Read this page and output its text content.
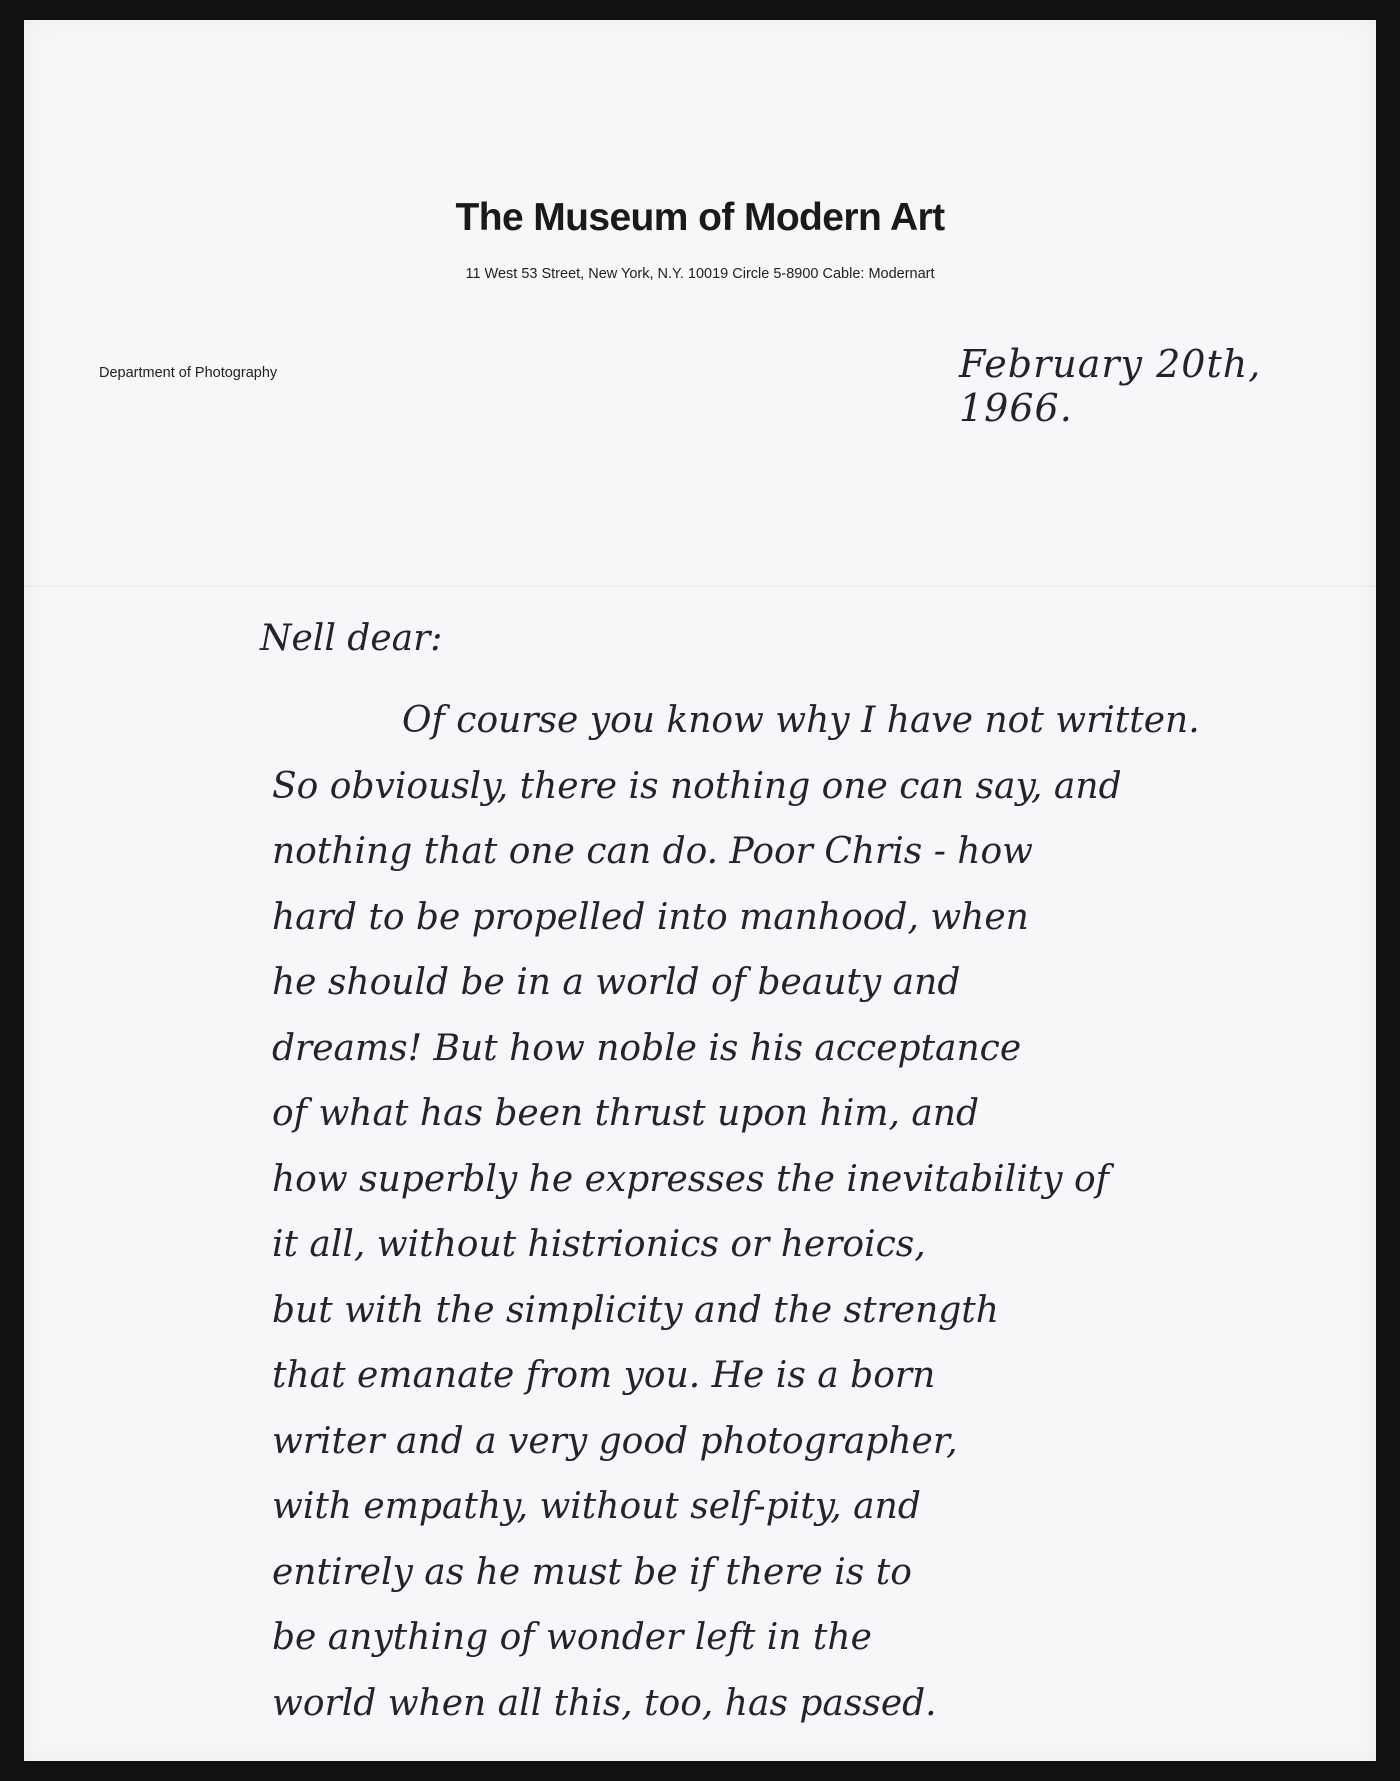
The Museum of Modern Art
11 West 53 Street, New York, N.Y. 10019 Circle 5-8900 Cable: Modernart
Department of Photography	February 20th, 1966.
Nell dear:
Of course you know why I have not written.
So obviously, there is nothing one can say, and
nothing that one can do. Poor Chris - how
hard to be propelled into manhood, when
he should be in a world of beauty and
dreams! But how noble is his acceptance
of what has been thrust upon him, and
how superbly he expresses the inevitability of
it all, without histrionics or heroics,
but with the simplicity and the strength
that emanate from you. He is a born
writer and a very good photographer,
with empathy, without self-pity, and
entirely as he must be if there is to
be anything of wonder left in the
world when all this, too, has passed.
